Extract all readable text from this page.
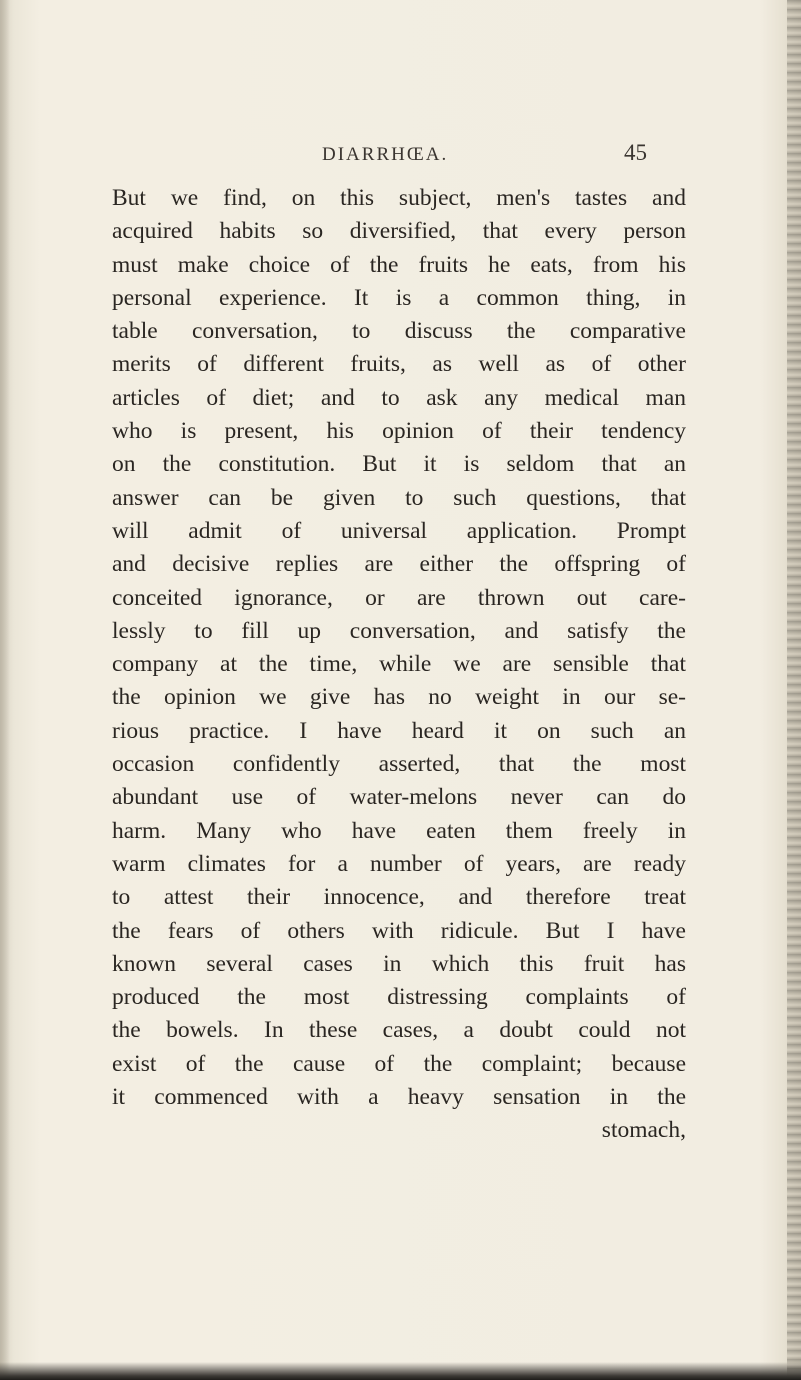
DIARRHŒA.	45
But we find, on this subject, men's tastes and
acquired habits so diversified, that every person
must make choice of the fruits he eats, from his
personal experience. It is a common thing, in
table conversation, to discuss the comparative
merits of different fruits, as well as of other
articles of diet; and to ask any medical man
who is present, his opinion of their tendency
on the constitution. But it is seldom that an
answer can be given to such questions, that
will admit of universal application. Prompt
and decisive replies are either the offspring of
conceited ignorance, or are thrown out care-
lessly to fill up conversation, and satisfy the
company at the time, while we are sensible that
the opinion we give has no weight in our se-
rious practice. I have heard it on such an
occasion confidently asserted, that the most
abundant use of water-melons never can do
harm. Many who have eaten them freely in
warm climates for a number of years, are ready
to attest their innocence, and therefore treat
the fears of others with ridicule. But I have
known several cases in which this fruit has
produced the most distressing complaints of
the bowels. In these cases, a doubt could not
exist of the cause of the complaint; because
it commenced with a heavy sensation in the
stomach,
